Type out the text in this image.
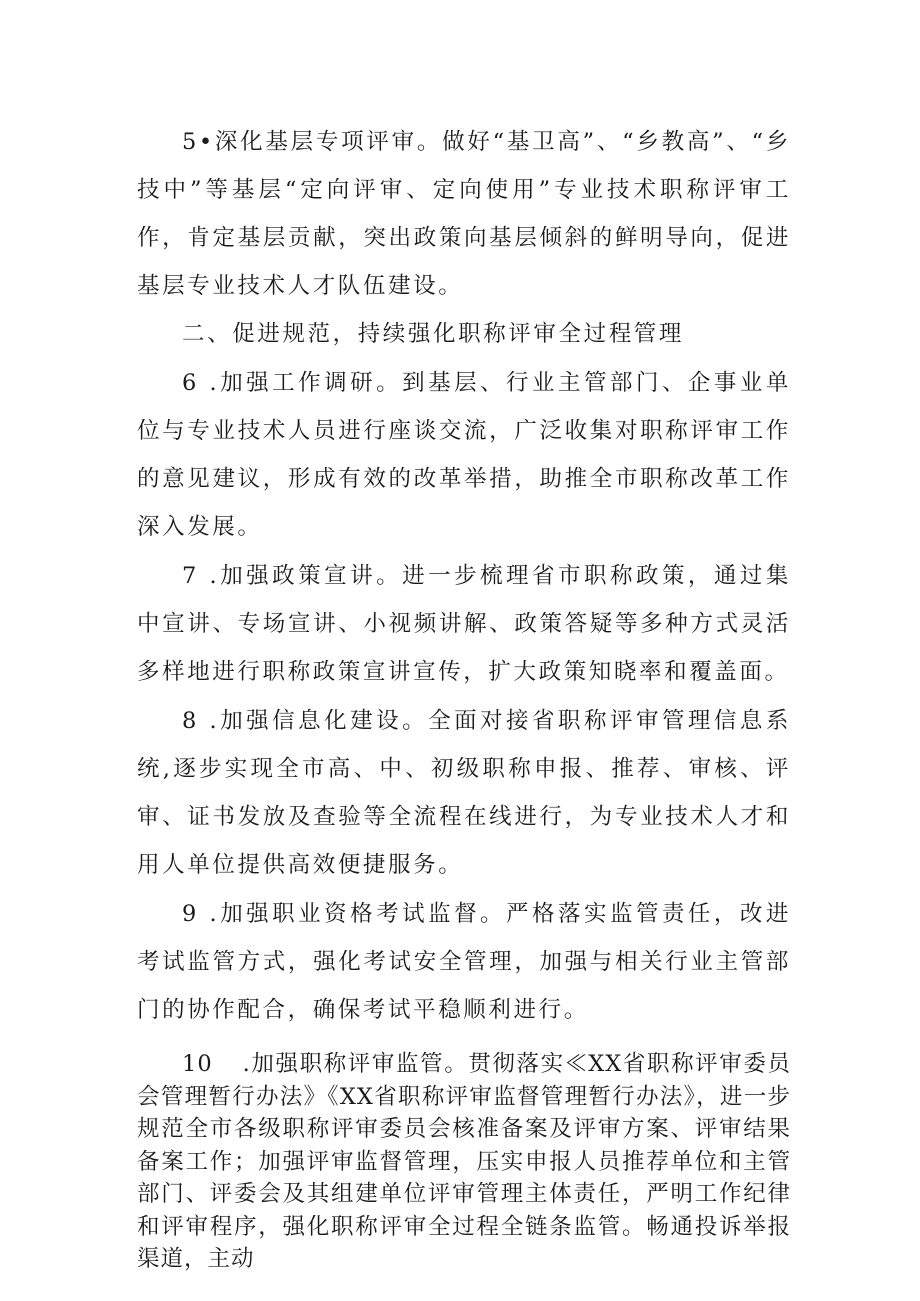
5•深化基层专项评审。做好“基卫高”、“乡教高”、“乡技中”等基层“定向评审、定向使用”专业技术职称评审工作，肯定基层贡献，突出政策向基层倾斜的鲜明导向，促进基层专业技术人才队伍建设。

二、促进规范，持续强化职称评审全过程管理

6 .加强工作调研。到基层、行业主管部门、企事业单位与专业技术人员进行座谈交流，广泛收集对职称评审工作的意见建议，形成有效的改革举措，助推全市职称改革工作深入发展。

7 .加强政策宣讲。进一步梳理省市职称政策，通过集中宣讲、专场宣讲、小视频讲解、政策答疑等多种方式灵活多样地进行职称政策宣讲宣传，扩大政策知晓率和覆盖面。

8 .加强信息化建设。全面对接省职称评审管理信息系统,逐步实现全市高、中、初级职称申报、推荐、审核、评审、证书发放及查验等全流程在线进行，为专业技术人才和用人单位提供高效便捷服务。

9 .加强职业资格考试监督。严格落实监管责任，改进考试监管方式，强化考试安全管理，加强与相关行业主管部门的协作配合，确保考试平稳顺利进行。

10 .加强职称评审监管。贯彻落实≪XX省职称评审委员会管理暂行办法》《XX省职称评审监督管理暂行办法》，进一步规范全市各级职称评审委员会核准备案及评审方案、评审结果备案工作；加强评审监督管理，压实申报人员推荐单位和主管部门、评委会及其组建单位评审管理主体责任，严明工作纪律和评审程序，强化职称评审全过程全链条监管。畅通投诉举报渠道，主动
